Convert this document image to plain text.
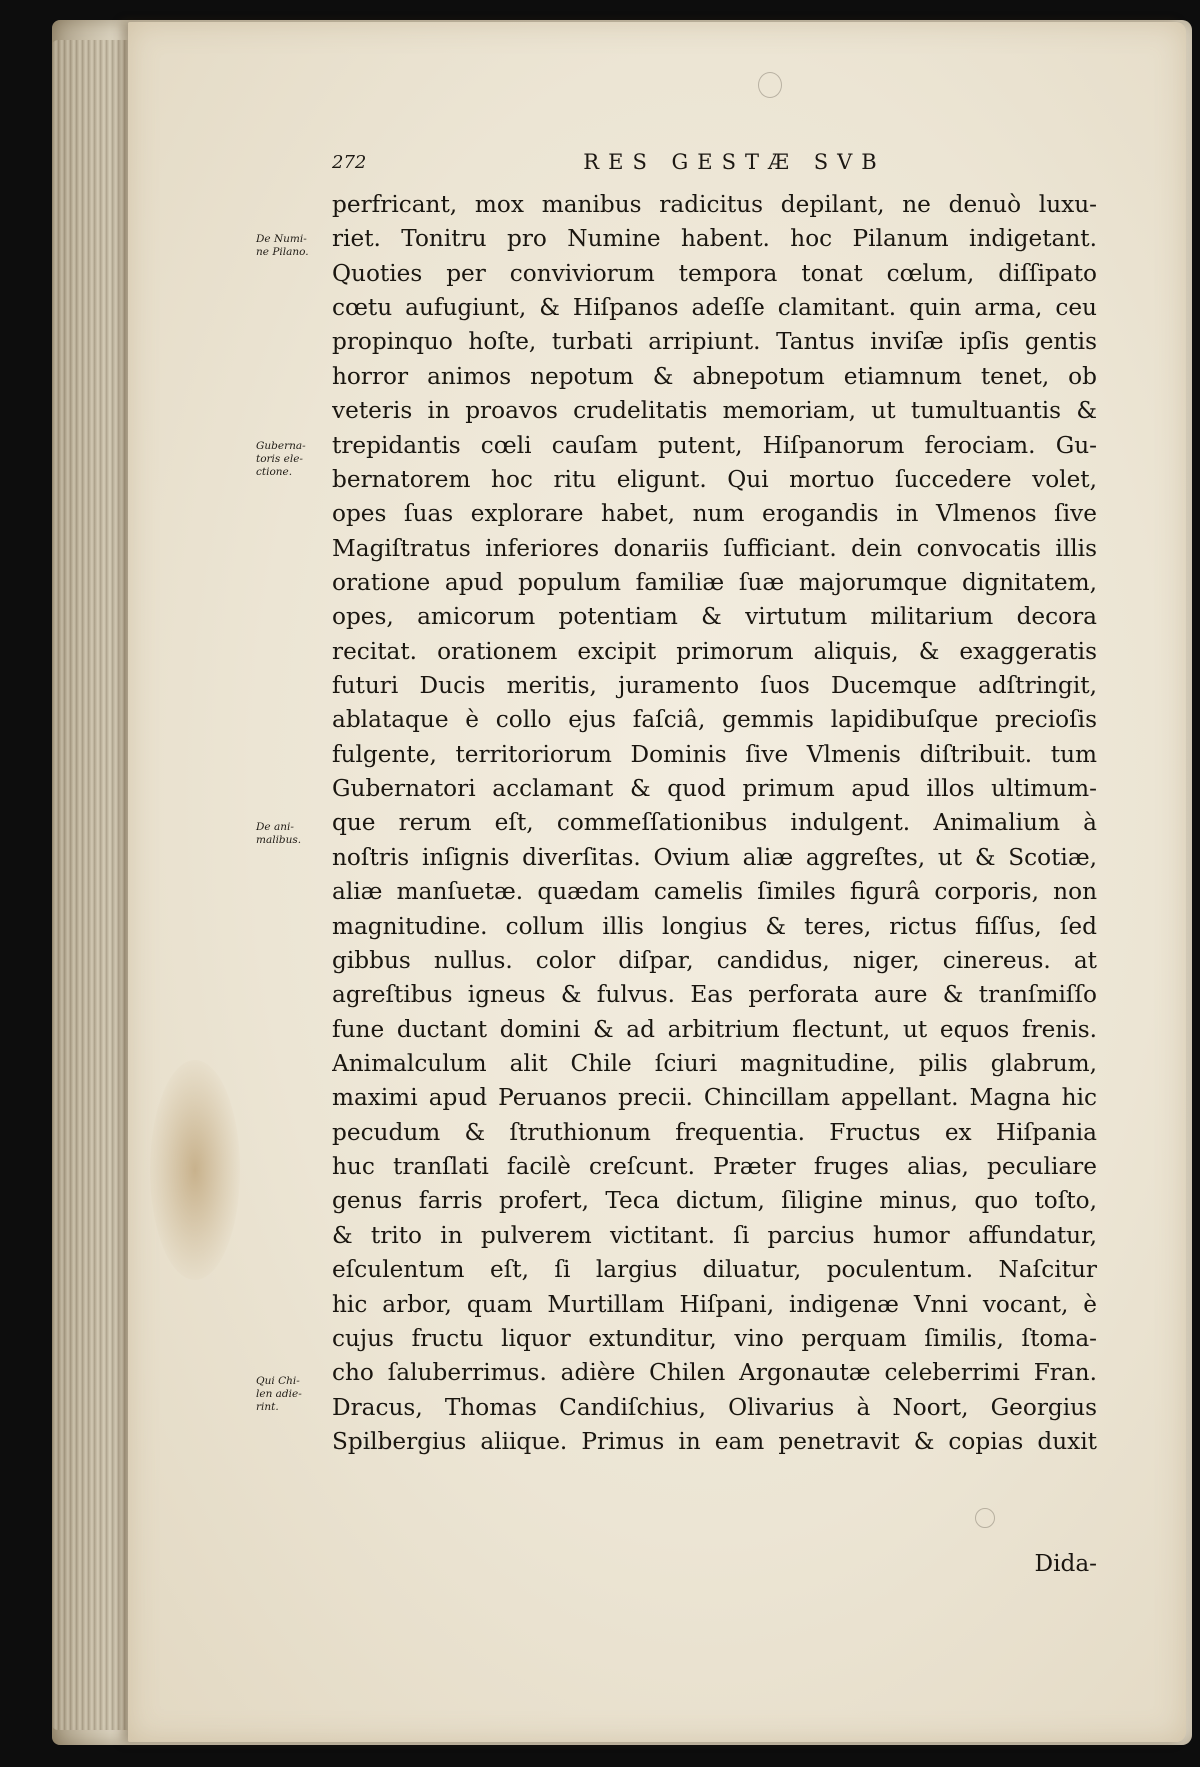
272	RES GESTÆ SVB
De Numi-
ne Pilano.
Guberna-
toris ele-
ctione.
De ani-
malibus.
Qui Chi-
len adie-
rint.
perfricant, mox manibus radicitus depilant, ne denuò luxu-
riet. Tonitru pro Numine habent. hoc Pilanum indigetant.
Quoties per conviviorum tempora tonat cœlum, diſſipato
cœtu aufugiunt, & Hiſpanos adeſſe clamitant. quin arma, ceu
propinquo hoſte, turbati arripiunt. Tantus inviſæ ipſis gentis
horror animos nepotum & abnepotum etiamnum tenet, ob
veteris in proavos crudelitatis memoriam, ut tumultuantis &
trepidantis cœli cauſam putent, Hiſpanorum ferociam. Gu-
bernatorem hoc ritu eligunt. Qui mortuo ſuccedere volet,
opes ſuas explorare habet, num erogandis in Vlmenos ſive
Magiſtratus inferiores donariis ſufficiant. dein convocatis illis
oratione apud populum familiæ ſuæ majorumque dignitatem,
opes, amicorum potentiam & virtutum militarium decora
recitat. orationem excipit primorum aliquis, & exaggeratis
futuri Ducis meritis, juramento ſuos Ducemque adſtringit,
ablataque è collo ejus faſciâ, gemmis lapidibuſque precioſis
fulgente, territoriorum Dominis ſive Vlmenis diſtribuit. tum
Gubernatori acclamant & quod primum apud illos ultimum-
que rerum eſt, commeſſationibus indulgent. Animalium à
noſtris inſignis diverſitas. Ovium aliæ aggreſtes, ut & Scotiæ,
aliæ manſuetæ. quædam camelis ſimiles figurâ corporis, non
magnitudine. collum illis longius & teres, rictus fiſſus, ſed
gibbus nullus. color diſpar, candidus, niger, cinereus. at
agreſtibus igneus & fulvus. Eas perforata aure & tranſmiſſo
fune ductant domini & ad arbitrium flectunt, ut equos frenis.
Animalculum alit Chile ſciuri magnitudine, pilis glabrum,
maximi apud Peruanos precii. Chincillam appellant. Magna hic
pecudum & ſtruthionum frequentia. Fructus ex Hiſpania
huc tranſlati facilè creſcunt. Præter fruges alias, peculiare
genus farris profert, Teca dictum, ſiligine minus, quo toſto,
& trito in pulverem victitant. ſi parcius humor affundatur,
eſculentum eſt, ſi largius diluatur, poculentum. Naſcitur
hic arbor, quam Murtillam Hiſpani, indigenæ Vnni vocant, è
cujus fructu liquor extunditur, vino perquam ſimilis, ſtoma-
cho ſaluberrimus. adière Chilen Argonautæ celeberrimi Fran.
Dracus, Thomas Candiſchius, Olivarius à Noort, Georgius
Spilbergius aliique. Primus in eam penetravit & copias duxit
Dida-
